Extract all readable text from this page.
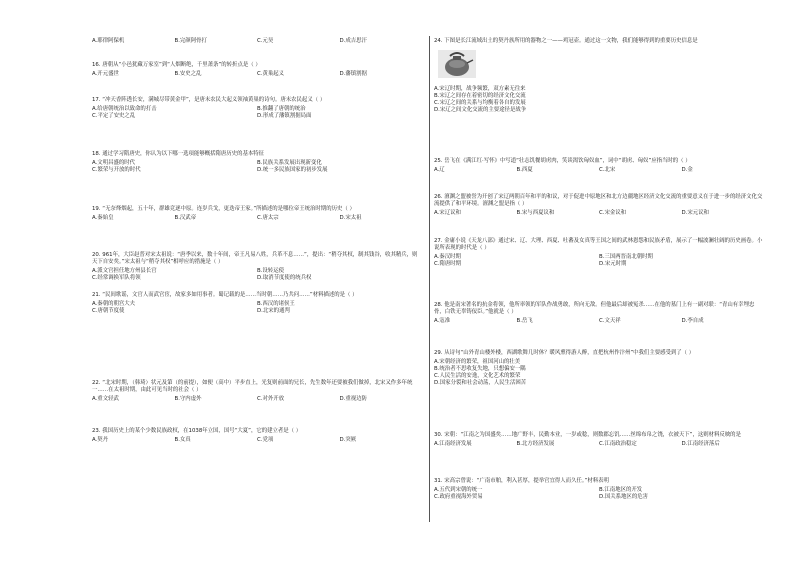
A.耶律阿保机	B.完颜阿骨打	C.元昊	D.成吉思汗
16. 唐朝从“小邑犹藏万家室”到“人烟断绝，千里萧条”的转折点是（ ）
A.开元盛世	B.安史之乱	C.黄巢起义	D.藩镇割据
17. “冲天香阵透长安，满城尽带黄金甲”，是唐末农民大起义领袖黄巢的诗句。唐末农民起义（ ）
A.给唐朝统治以致命的打击	B.推翻了唐朝的统治
C.平定了安史之乱	D.形成了藩镇割据局面
18. 通过学习隋唐史，你认为以下哪一选项能够概括隋唐历史的基本特征
A.文明昌盛的时代	B.民族关系发展出现新变化
C.繁荣与开放的时代	D.统一多民族国家的初步发展
19. “无奈烽烟起，五十年，群雄竞逐中原。连岁兵戈，更迭帝王家。”所描述的是哪位帝王统治时期的历史（ ）
A.秦始皇	B.汉武帝	C.唐太宗	D.宋太祖
20. 961年，大臣赵普对宋太祖说：“唐季以来，数十年间，帝王凡易八姓，兵革不息……”，提出：“稍夺其权，制其钱谷，收其精兵，则天下自安矣。”宋太祖与“稍夺其权”相呼应的措施是（ ）
A.派文官担任地方州县长官	B.设转运使
C.经常调换军队将领	D.取消节度使的统兵权
21. “民间歌谣，文官人而武官宦，故家多如用事者。蜀记载的是……当时朝……乃共问……”材料描述的是（ ）
A.秦朝的朝宫大夫	B.西汉的诸侯王
C.唐朝节度使	D.北宋的通判
22. “北宋时期，（韩琦）状元及第（的前提），如便（高中）平步直上，光复则前面的兄长，先生数年还要被我们做掉，北宋又作多年统一……在太祖时期，由此可见当时的社会（ ）
A.重文轻武	B.守内虚外	C.对外开放	D.重视边防
23. 我国历史上的某个少数民族政权，在1038年立国，国号“大夏”，它的建立者是（ ）
A.契丹	B.女真	C.党项	D.突厥
24. 下图是长江流域出土的契丹族所用的器物之一——鸡冠壶。通过这一文物，我们能够得到的重要历史信息是
A.宋辽时期，战争频繁，双方素无往来
B.宋辽之间存在着密切的经济文化交流
C.宋辽之间的关系与均衡着各自的发展
D.宋辽之间文化交流的主要途径是战争
25. 岳飞在《满江红·写怀》中写道“壮志饥餐胡虏肉，笑谈渴饮匈奴血”，词中“胡虏、匈奴”应指当时的（ ）
A.辽	B.西夏	C.北宋	D.金
26. 澶渊之盟被誉为开创了宋辽两朝百年和平的和议，对于促进中原地区和北方边疆地区经济文化交流的重要意义在于进一步的经济文化交流提供了和平环境。澶渊之盟是指（ ）
A.宋辽议和	B.宋与西夏议和	C.宋金议和	D.宋元议和
27. 金庸小说《天龙八部》通过宋、辽、大理、西夏、吐蕃及女真等王国之间的武林恩怨和民族矛盾，展示了一幅波澜壮阔的历史画卷。小说所表现的时代是（ ）
A.秦汉时期	B.三国两晋南北朝时期
C.隋唐时期	D.宋元时期
28. 他是南宋著名的抗金将领，他所率领的军队作战勇敢，所向无敌。但他最后却被冤杀……在他的墓门上有一副对联：“青山有幸埋忠骨，白铁无辜铸佞臣。”他就是（ ）
A.寇准	B.岳飞	C.文天祥	D.李自成
29. 从诗句“山外青山楼外楼，西湖歌舞几时休？暖风熏得游人醉，直把杭州作汴州”中我们主要感受到了（ ）
A.宋朝经济的繁荣，祖国河山的壮美
B.统治者不思收复失地，只想偏安一隅
C.人民生活的安逸，文化艺术的繁荣
D.国家分裂和社会动荡，人民生活困苦
30. 宋朝：“江南之为国盛矣……地广野丰，民勤本业，一岁或稔，则数郡忘饥……丝绵布帛之饶，衣被天下”，这则材料反映的是
A.江南经济发展	B.北方经济发展	C.江南政治稳定	D.江南经济落后
31. 宋高宗曾说：“广南市舶，利入甚厚，提举官宜得人而久任。”材料表明
A.五代到宋朝的统一	B.江南地区的开发
C.政府重视海外贸易	D.国关系地区的危害
